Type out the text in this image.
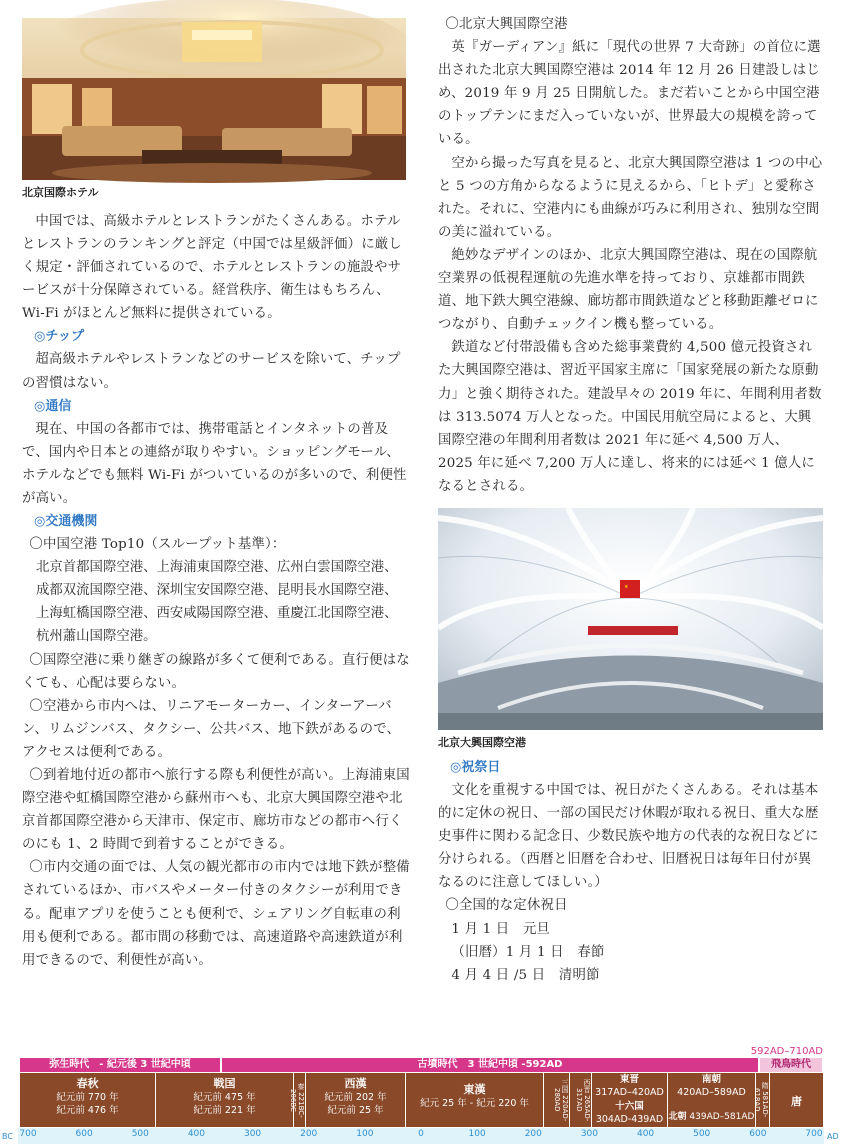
北京国際ホテル

中国では、高級ホテルとレストランがたくさんある。ホテルとレストランのランキングと評定（中国では星級評価）に厳しく規定・評価されているので、ホテルとレストランの施設やサービスが十分保障されている。経営秩序、衛生はもちろん、Wi-Fi がほとんど無料に提供されている。

◎チップ

超高級ホテルやレストランなどのサービスを除いて、チップの習慣はない。

◎通信

現在、中国の各都市では、携帯電話とインタネットの普及で、国内や日本との連絡が取りやすい。ショッピングモール、ホテルなどでも無料 Wi-Fi がついているのが多いので、利便性が高い。

◎交通機関

〇中国空港 Top10（スループット基準）：

北京首都国際空港、上海浦東国際空港、広州白雲国際空港、成都双流国際空港、深圳宝安国際空港、昆明長水国際空港、上海虹橋国際空港、西安咸陽国際空港、重慶江北国際空港、杭州蕭山国際空港。

〇国際空港に乗り継ぎの線路が多くて便利である。直行便はなくても、心配は要らない。

〇空港から市内へは、リニアモーターカー、インターアーバン、リムジンバス、タクシー、公共バス、地下鉄があるので、アクセスは便利である。

〇到着地付近の都市へ旅行する際も利便性が高い。上海浦東国際空港や虹橋国際空港から蘇州市へも、北京大興国際空港や北京首都国際空港から天津市、保定市、廊坊市などの都市へ行くのにも 1、2 時間で到着することができる。

〇市内交通の面では、人気の観光都市の市内では地下鉄が整備されているほか、市バスやメーター付きのタクシーが利用できる。配車アプリを使うことも便利で、シェアリング自転車の利用も便利である。都市間の移動では、高速道路や高速鉄道が利用できるので、利便性が高い。

〇北京大興国際空港

英『ガーディアン』紙に「現代の世界 7 大奇跡」の首位に選出された北京大興国際空港は 2014 年 12 月 26 日建設しはじめ、2019 年 9 月 25 日開航した。まだ若いことから中国空港のトップテンにまだ入っていないが、世界最大の規模を誇っている。

空から撮った写真を見ると、北京大興国際空港は 1 つの中心と 5 つの方角からなるように見えるから、「ヒトデ」と愛称された。それに、空港内にも曲線が巧みに利用され、独別な空間の美に溢れている。

絶妙なデザインのほか、北京大興国際空港は、現在の国際航空業界の低視程運航の先進水準を持っており、京雄都市間鉄道、地下鉄大興空港線、廊坊都市間鉄道などと移動距離ゼロにつながり、自動チェックイン機も整っている。

鉄道など付帯設備も含めた総事業費約 4,500 億元投資された大興国際空港は、習近平国家主席に「国家発展の新たな原動力」と強く期待された。建設早々の 2019 年に、年間利用者数は 313.5074 万人となった。中国民用航空局によると、大興国際空港の年間利用者数は 2021 年に延べ 4,500 万人、2025 年に延べ 7,200 万人に達し、将来的には延べ 1 億人になるとされる。

★
北京大興国際空港

◎祝祭日

文化を重視する中国では、祝日がたくさんある。それは基本的に定休の祝日、一部の国民だけ休暇が取れる祝日、重大な歴史事件に関わる記念日、少数民族や地方の代表的な祝日などに分けられる。（西暦と旧暦を合わせ、旧暦祝日は毎年日付が異なるのに注意してほしい。）

〇全国的な定休祝日

1 月 1 日　元旦

（旧暦）1 月 1 日　春節

4 月 4 日 /5 日　清明節

592AD–710AD
弥生時代　- 紀元後 3 世紀中頃	古墳時代　3 世紀中頃 -592AD	飛鳥時代
春秋
紀元前 770 年
紀元前 476 年
戦国
紀元前 475 年
紀元前 221 年	秦 221BC-206BC
西漢
紀元前 202 年
紀元前 25 年
東漢
紀元 25 年 - 紀元 220 年	三国 220AD-280AD	西晋 265AD-317AD
東晋
317AD–420AD
十六国
304AD-439AD
南朝
420AD–589AD
北朝 439AD–581AD 隋 581AD-618AD	唐
BC	AD
700	600	500	400	300	200	100	0	100	200	300	400	500	600	700
